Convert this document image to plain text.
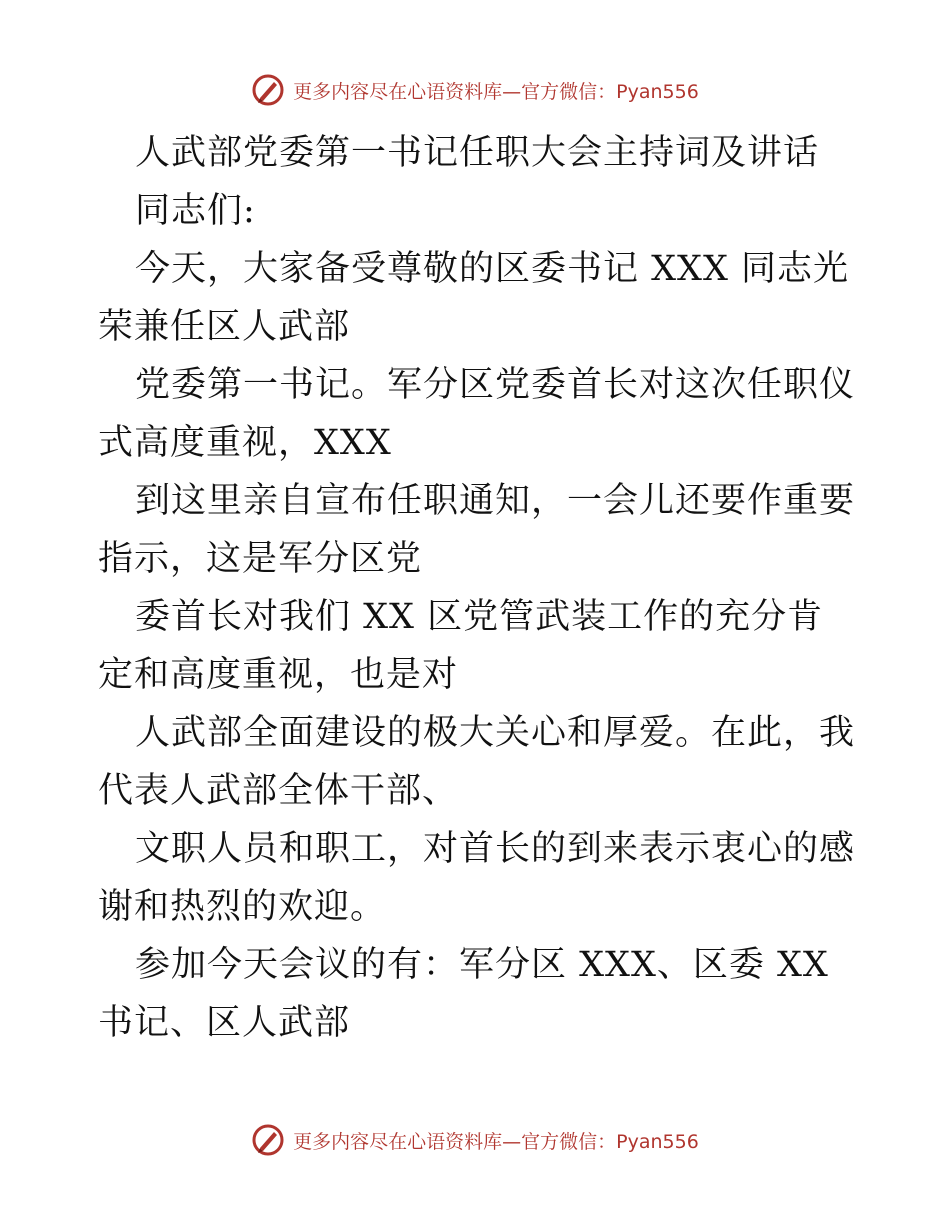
更多内容尽在心语资料库—官方微信：Pyan556

人武部党委第一书记任职大会主持词及讲话

同志们:

今天，大家备受尊敬的区委书记 XXX 同志光荣兼任区人武部

党委第一书记。军分区党委首长对这次任职仪式高度重视，XXX

到这里亲自宣布任职通知，一会儿还要作重要指示，这是军分区党

委首长对我们 XX 区党管武装工作的充分肯定和高度重视，也是对

人武部全面建设的极大关心和厚爱。在此，我代表人武部全体干部、

文职人员和职工，对首长的到来表示衷心的感谢和热烈的欢迎。

参加今天会议的有：军分区 XXX、区委 XX 书记、区人武部

更多内容尽在心语资料库—官方微信：Pyan556
